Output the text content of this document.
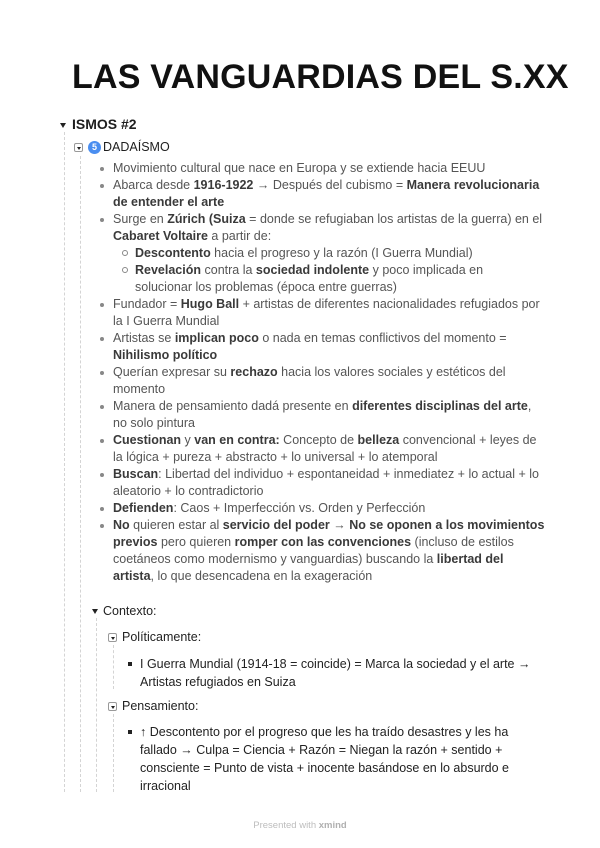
LAS VANGUARDIAS DEL S.XX
ISMOS #2
5 DADAÍSMO
Movimiento cultural que nace en Europa y se extiende hacia EEUU
Abarca desde 1916-1922 → Después del cubismo = Manera revolucionaria de entender el arte
Surge en Zúrich (Suiza = donde se refugiaban los artistas de la guerra) en el Cabaret Voltaire a partir de:
Descontento hacia el progreso y la razón (I Guerra Mundial)
Revelación contra la sociedad indolente y poco implicada en solucionar los problemas (época entre guerras)
Fundador = Hugo Ball + artistas de diferentes nacionalidades refugiados por la I Guerra Mundial
Artistas se implican poco o nada en temas conflictivos del momento = Nihilismo político
Querían expresar su rechazo hacia los valores sociales y estéticos del momento
Manera de pensamiento dadá presente en diferentes disciplinas del arte, no solo pintura
Cuestionan y van en contra: Concepto de belleza convencional + leyes de la lógica + pureza + abstracto + lo universal + lo atemporal
Buscan: Libertad del individuo + espontaneidad + inmediatez + lo actual + lo aleatorio + lo contradictorio
Defienden: Caos + Imperfección vs. Orden y Perfección
No quieren estar al servicio del poder → No se oponen a los movimientos previos pero quieren romper con las convenciones (incluso de estilos coetáneos como modernismo y vanguardias) buscando la libertad del artista, lo que desencadena en la exageración
Contexto:
Políticamente:
I Guerra Mundial (1914-18 = coincide) = Marca la sociedad y el arte → Artistas refugiados en Suiza
Pensamiento:
↑ Descontento por el progreso que les ha traído desastres y les ha fallado → Culpa = Ciencia + Razón = Niegan la razón + sentido + consciente = Punto de vista + inocente basándose en lo absurdo e irracional
Presented with xmind
